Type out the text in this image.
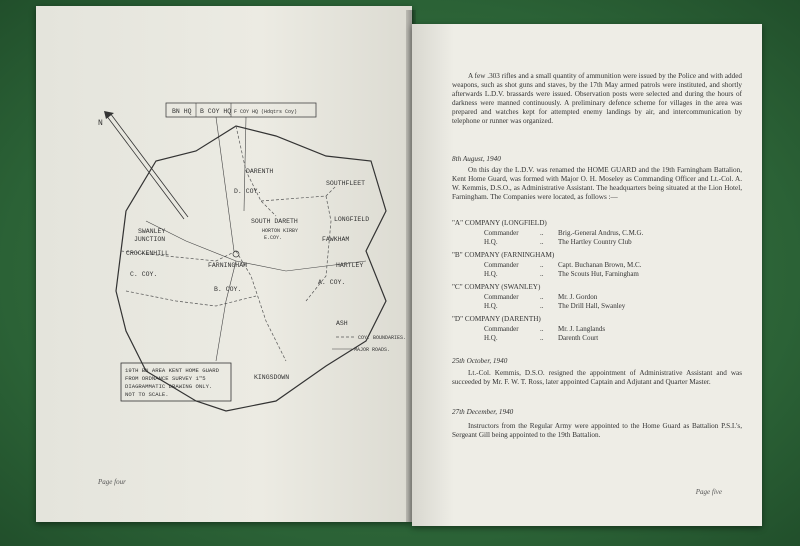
BN HQ B COY HQ F COY HQ (Hdqtrs Coy)
N
DARENTH
SOUTHFLEET
D. COY.
SOUTH DARETH	LONGFIELD
SWANLEY
JUNCTION
HORTON KIRBY
E.COY.	FAWKHAM
CROCKENHILL
HARTLEY
FARNINGHAM
C. COY.
A. COY.
B. COY.
ASH
KINGSDOWN
COY. BOUNDARIES.
MAJOR ROADS.
19TH BN AREA KENT HOME GUARD
FROM ORDNANCE SURVEY 1"5
DIAGRAMMATIC DRAWING ONLY.
NOT TO SCALE.
Page four

A few .303 rifles and a small quantity of ammunition were issued by the Police and with added weapons, such as shot guns and staves, by the 17th May armed patrols were instituted, and shortly afterwards L.D.V. brassards were issued. Observation posts were selected and during the hours of darkness were manned continuously. A preliminary defence scheme for villages in the area was prepared and watches kept for attempted enemy landings by air, and intercommunication by telephone or runner was organized.

8th August, 1940

On this day the L.D.V. was renamed the HOME GUARD and the 19th Farningham Battalion, Kent Home Guard, was formed with Major O. H. Moseley as Commanding Officer and Lt.-Col. A. W. Kemmis, D.S.O., as Administrative Assistant. The headquarters being situated at the Lion Hotel, Farningham. The Companies were located, as follows :—

"A" COMPANY (LONGFIELD)
Commander	.. Brig.-General Andrus, C.M.G.
H.Q.	.. The Hartley Country Club
"B" COMPANY (FARNINGHAM)
Commander	.. Capt. Buchanan Brown, M.C.
H.Q.	.. The Scouts Hut, Farningham
"C" COMPANY (SWANLEY)
Commander	.. Mr. J. Gordon
H.Q.	.. The Drill Hall, Swanley
"D" COMPANY (DARENTH)
Commander	.. Mr. J. Langlands
H.Q.	.. Darenth Court
25th October, 1940

Lt.-Col. Kemmis, D.S.O. resigned the appointment of Administrative Assistant and was succeeded by Mr. F. W. T. Ross, later appointed Captain and Adjutant and Quarter Master.

27th December, 1940

Instructors from the Regular Army were appointed to the Home Guard as Battalion P.S.I.'s, Sergeant Gill being appointed to the 19th Battalion.

Page five
